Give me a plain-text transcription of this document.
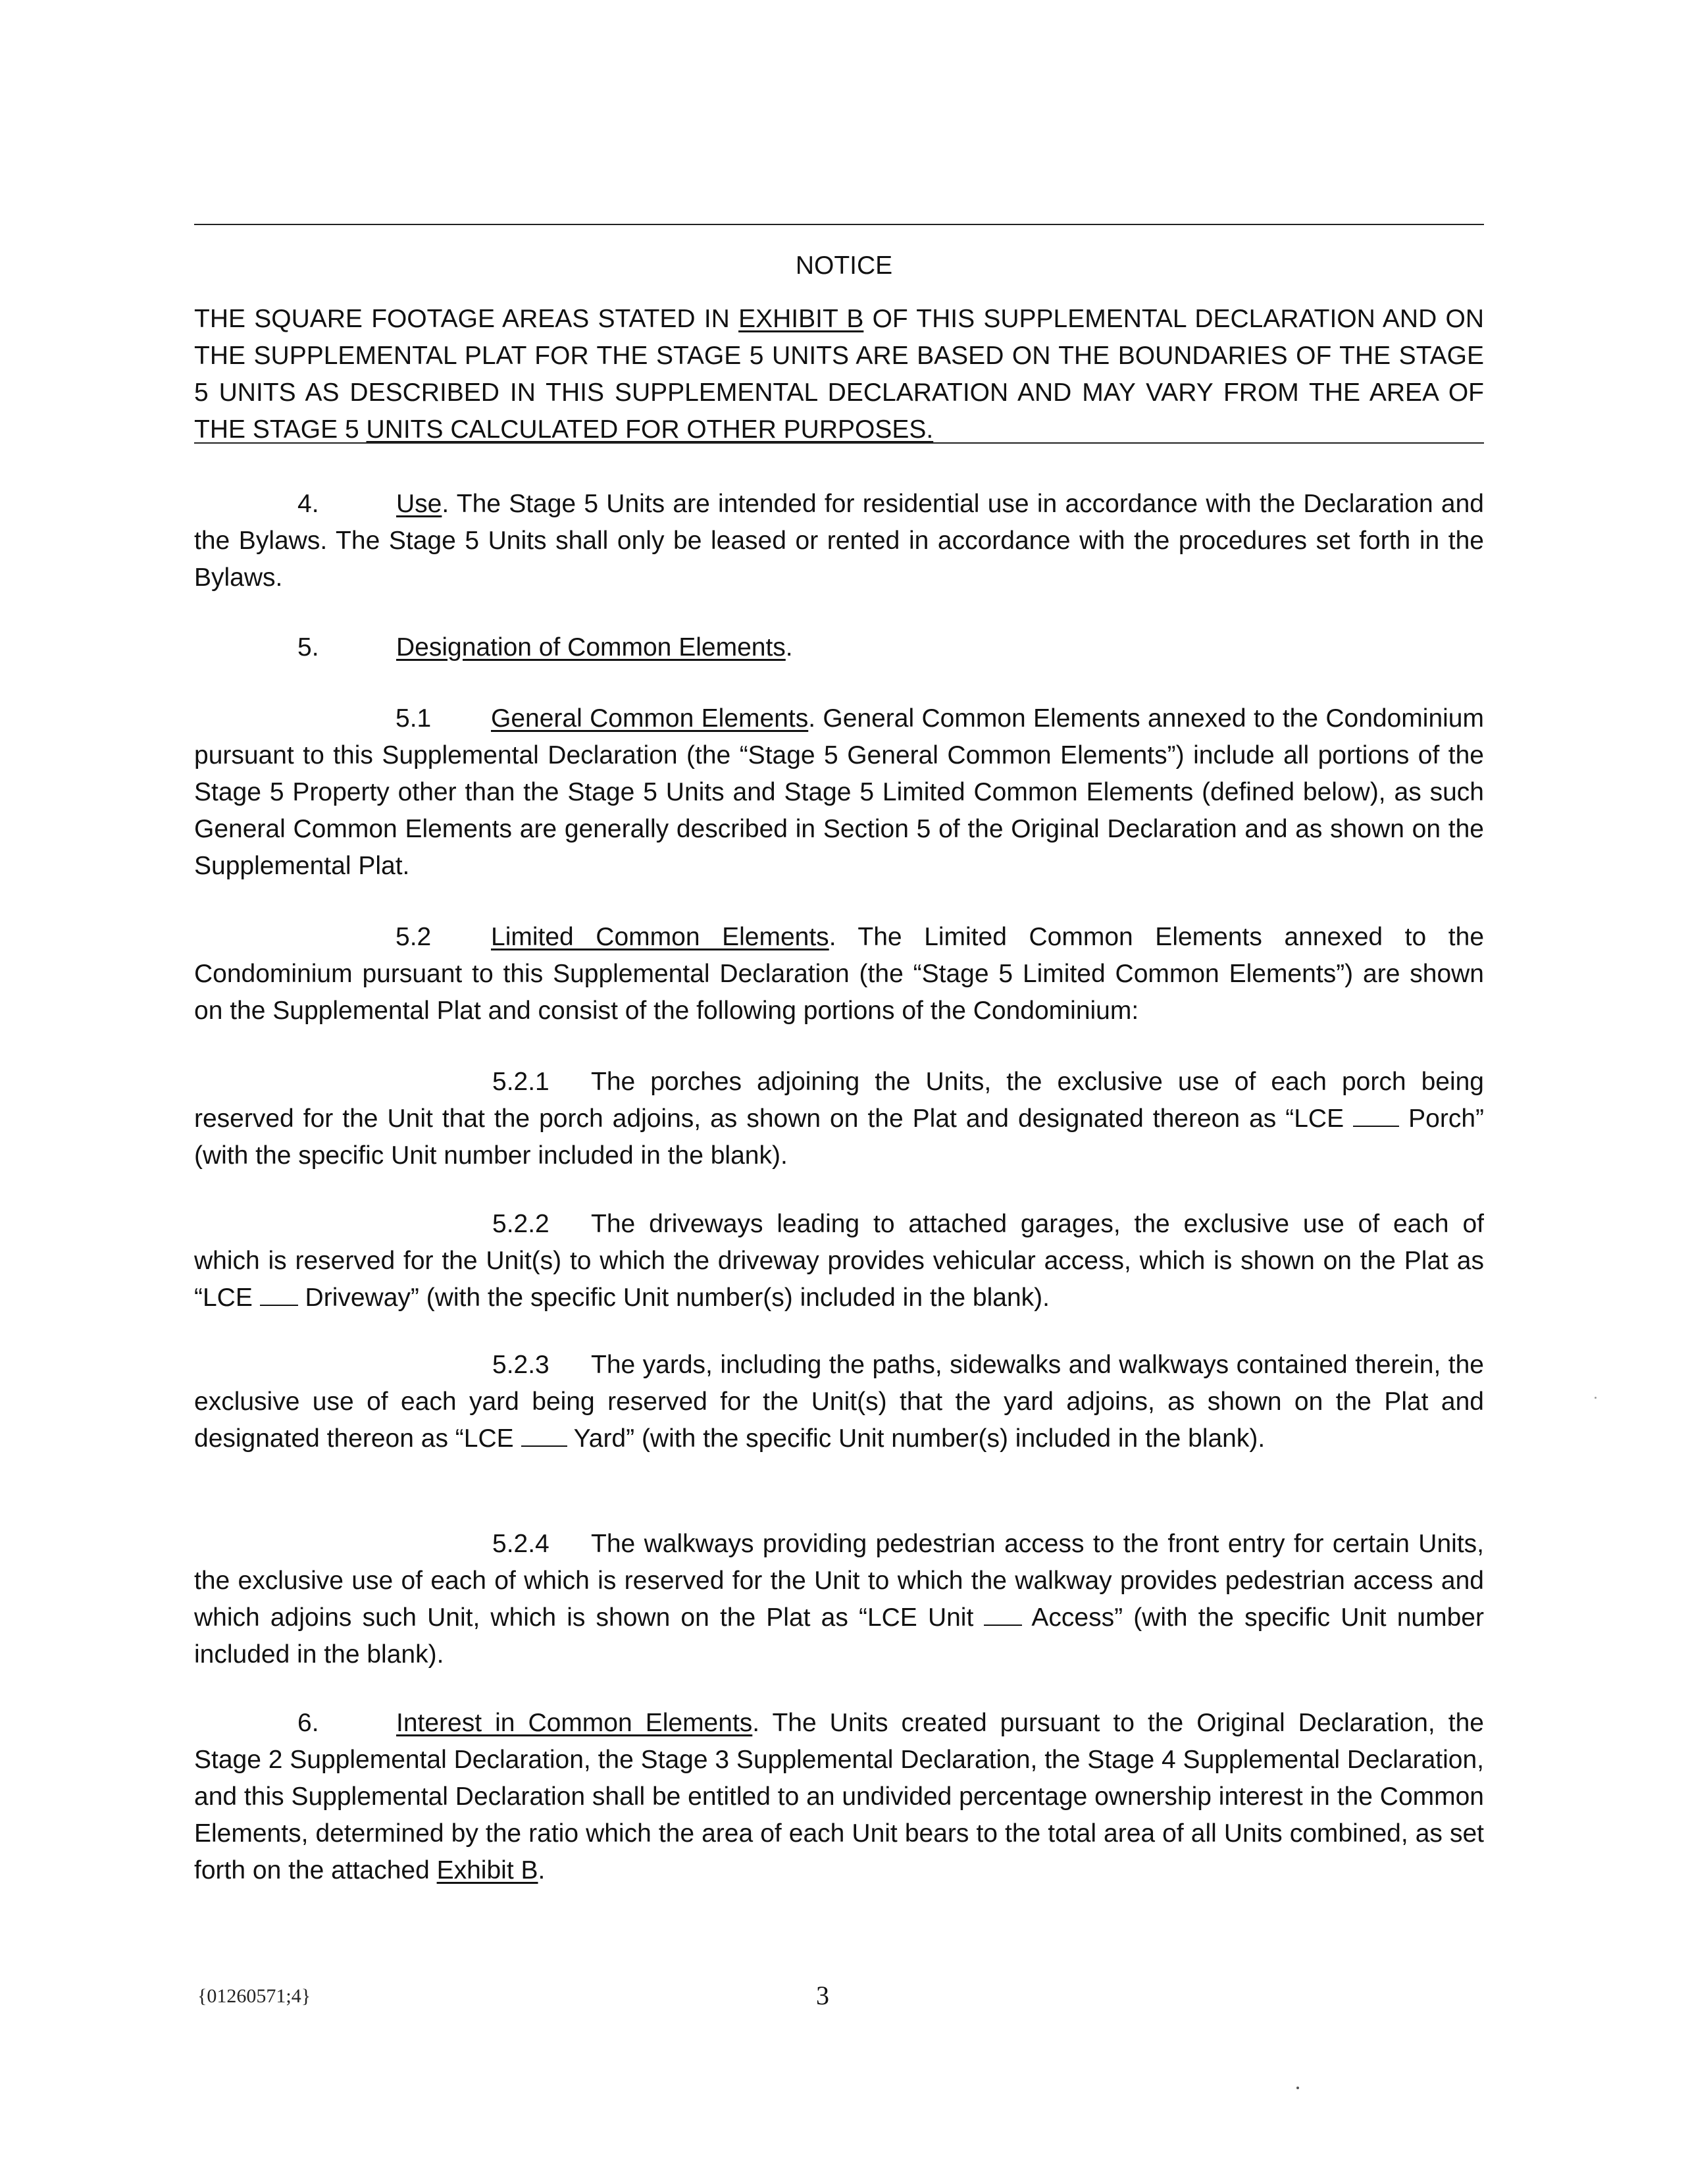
NOTICE
THE SQUARE FOOTAGE AREAS STATED IN EXHIBIT B OF THIS SUPPLEMENTAL DECLARATION AND ON THE SUPPLEMENTAL PLAT FOR THE STAGE 5 UNITS ARE BASED ON THE BOUNDARIES OF THE STAGE 5 UNITS AS DESCRIBED IN THIS SUPPLEMENTAL DECLARATION AND MAY VARY FROM THE AREA OF THE STAGE 5 UNITS CALCULATED FOR OTHER PURPOSES.
4.	Use. The Stage 5 Units are intended for residential use in accordance with the Declaration and the Bylaws. The Stage 5 Units shall only be leased or rented in accordance with the procedures set forth in the Bylaws.
5.	Designation of Common Elements.
5.1 General Common Elements. General Common Elements annexed to the Condominium pursuant to this Supplemental Declaration (the “Stage 5 General Common Elements”) include all portions of the Stage 5 Property other than the Stage 5 Units and Stage 5 Limited Common Elements (defined below), as such General Common Elements are generally described in Section 5 of the Original Declaration and as shown on the Supplemental Plat.
5.2 Limited Common Elements. The Limited Common Elements annexed to the Condominium pursuant to this Supplemental Declaration (the “Stage 5 Limited Common Elements”) are shown on the Supplemental Plat and consist of the following portions of the Condominium:
5.2.1 The porches adjoining the Units, the exclusive use of each porch being reserved for the Unit that the porch adjoins, as shown on the Plat and designated thereon as “LCE  Porch” (with the specific Unit number included in the blank).
5.2.2 The driveways leading to attached garages, the exclusive use of each of which is reserved for the Unit(s) to which the driveway provides vehicular access, which is shown on the Plat as “LCE  Driveway” (with the specific Unit number(s) included in the blank).
5.2.3 The yards, including the paths, sidewalks and walkways contained therein, the exclusive use of each yard being reserved for the Unit(s) that the yard adjoins, as shown on the Plat and designated thereon as “LCE  Yard” (with the specific Unit number(s) included in the blank).
5.2.4 The walkways providing pedestrian access to the front entry for certain Units, the exclusive use of each of which is reserved for the Unit to which the walkway provides pedestrian access and which adjoins such Unit, which is shown on the Plat as “LCE Unit  Access” (with the specific Unit number included in the blank).
6.	Interest in Common Elements. The Units created pursuant to the Original Declaration, the Stage 2 Supplemental Declaration, the Stage 3 Supplemental Declaration, the Stage 4 Supplemental Declaration, and this Supplemental Declaration shall be entitled to an undivided percentage ownership interest in the Common Elements, determined by the ratio which the area of each Unit bears to the total area of all Units combined, as set forth on the attached Exhibit B.
{01260571;4}	3
